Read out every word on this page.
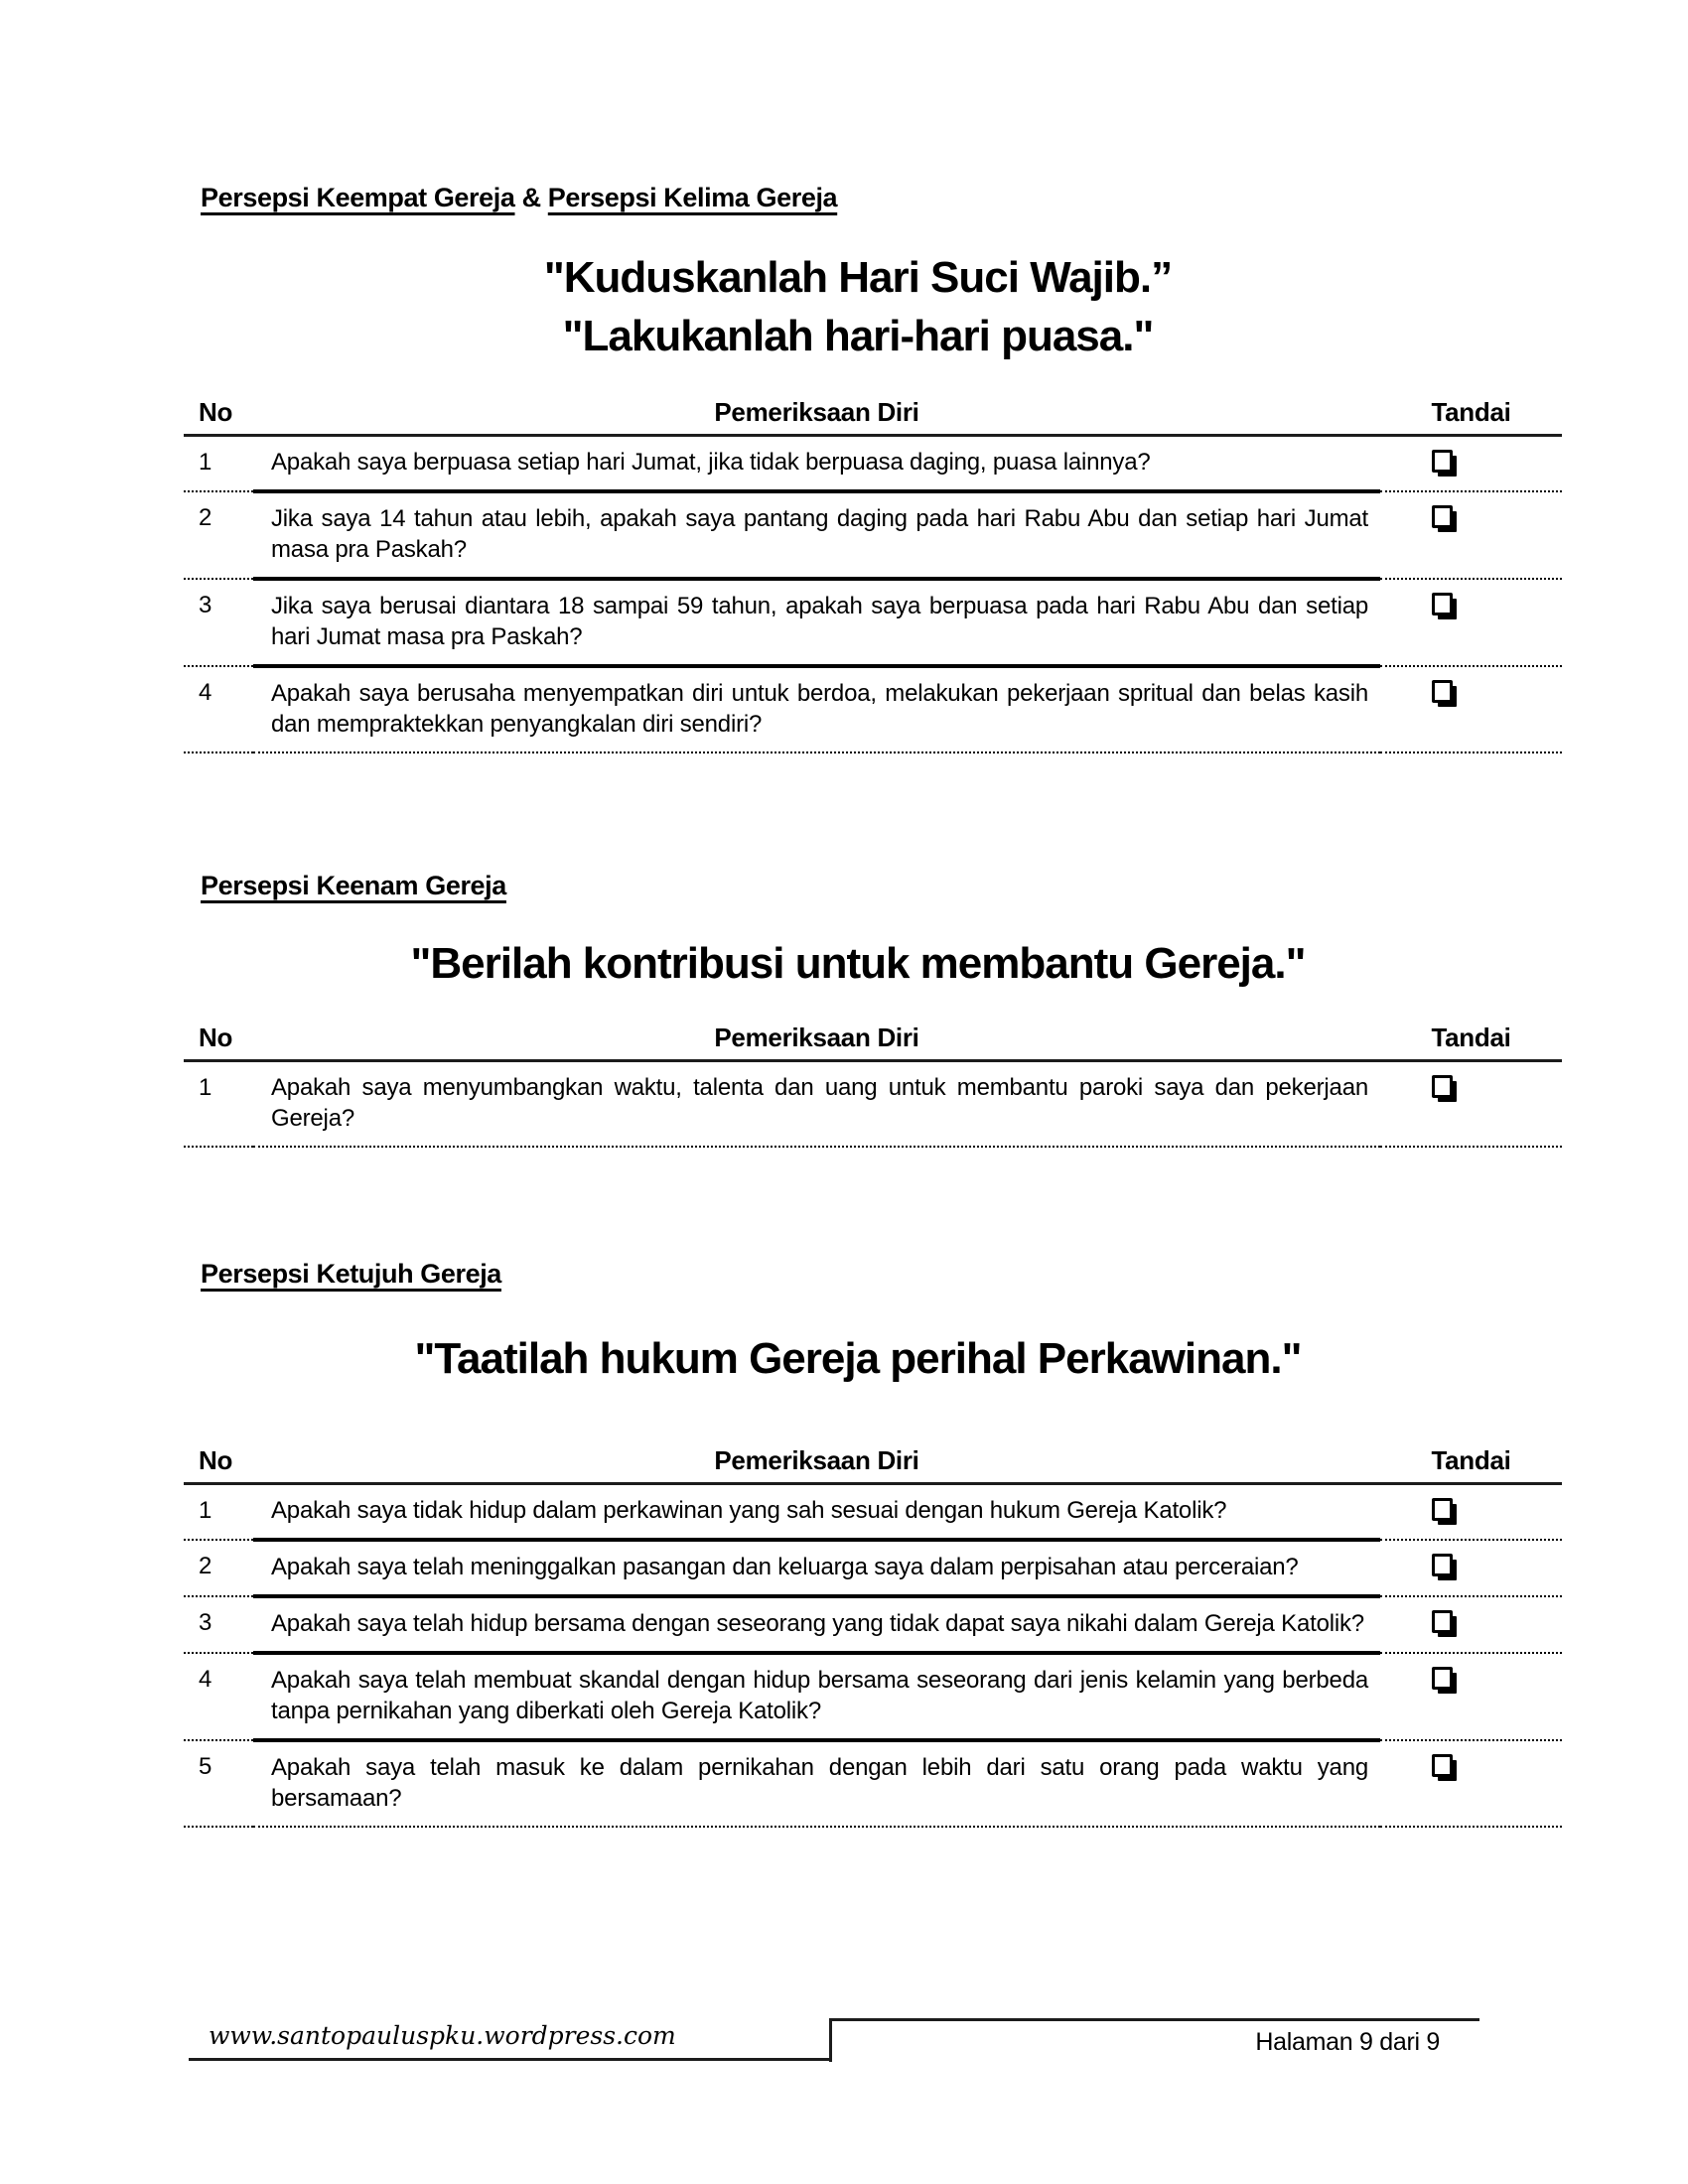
Persepsi Keempat Gereja & Persepsi Kelima Gereja
"Kuduskanlah Hari Suci Wajib.”
"Lakukanlah hari-hari puasa."
No	Pemeriksaan Diri	Tandai
1	Apakah saya berpuasa setiap hari Jumat, jika tidak berpuasa daging, puasa lainnya?	

2	Jika saya 14 tahun atau lebih, apakah saya pantang daging pada hari Rabu Abu dan setiap hari Jumat masa pra Paskah?	

3	Jika saya berusai diantara 18 sampai 59 tahun, apakah saya berpuasa pada hari Rabu Abu dan setiap hari Jumat masa pra Paskah?	

4	Apakah saya berusaha menyempatkan diri untuk berdoa, melakukan pekerjaan spritual dan belas kasih dan mempraktekkan penyangkalan diri sendiri?	
Persepsi Keenam Gereja
"Berilah kontribusi untuk membantu Gereja."
No	Pemeriksaan Diri	Tandai
1	Apakah saya menyumbangkan waktu, talenta dan uang untuk membantu paroki saya dan pekerjaan Gereja?	
Persepsi Ketujuh Gereja
"Taatilah hukum Gereja perihal Perkawinan."
No	Pemeriksaan Diri	Tandai
1	Apakah saya tidak hidup dalam perkawinan yang sah sesuai dengan hukum Gereja Katolik?	

2	Apakah saya telah meninggalkan pasangan dan keluarga saya dalam perpisahan atau perceraian?	

3	Apakah saya telah hidup bersama dengan seseorang yang tidak dapat saya nikahi dalam Gereja Katolik?	

4	Apakah saya telah membuat skandal dengan hidup bersama seseorang dari jenis kelamin yang berbeda tanpa pernikahan yang diberkati oleh Gereja Katolik?	

5	Apakah saya telah masuk ke dalam pernikahan dengan lebih dari satu orang pada waktu yang bersamaan?	
www.santopauluspku.wordpress.com	Halaman 9 dari 9
